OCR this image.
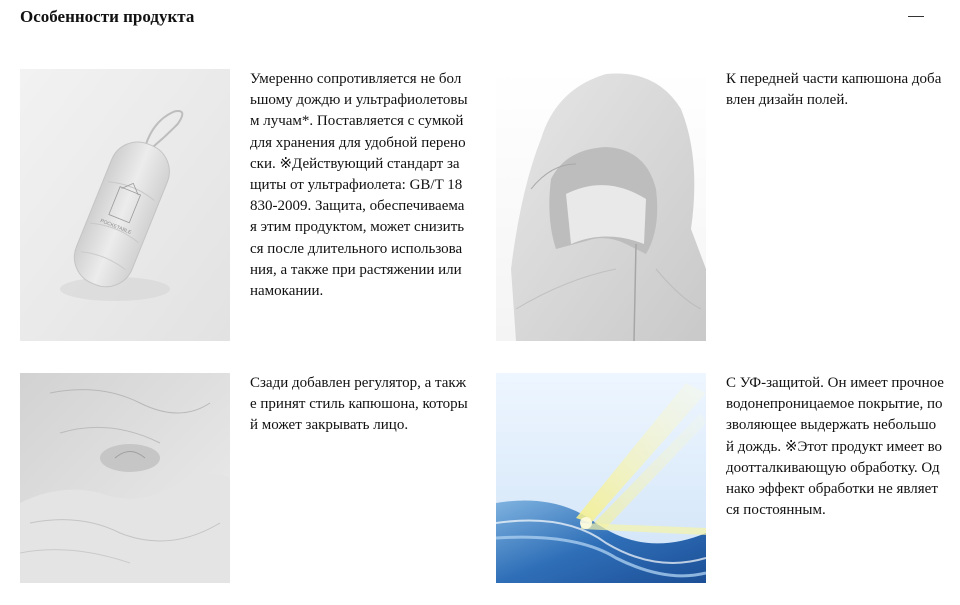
Особенности продукта
POCKETABLE
Умеренно сопротивляется не большому дождю и ультрафиолетовым лучам*. Поставляется с сумкой для хранения для удобной переноски. ※Действующий стандарт защиты от ультрафиолета: GB/T 18830-2009. Защита, обеспечиваемая этим продуктом, может снизиться после длительного использования, а также при растяжении или намокании.
К передней части капюшона добавлен дизайн полей.
Сзади добавлен регулятор, а также принят стиль капюшона, который может закрывать лицо.
С УФ-защитой. Он имеет прочное водонепроницаемое покрытие, позволяющее выдержать небольшой дождь. ※Этот продукт имеет водоотталкивающую обработку. Однако эффект обработки не является постоянным.
